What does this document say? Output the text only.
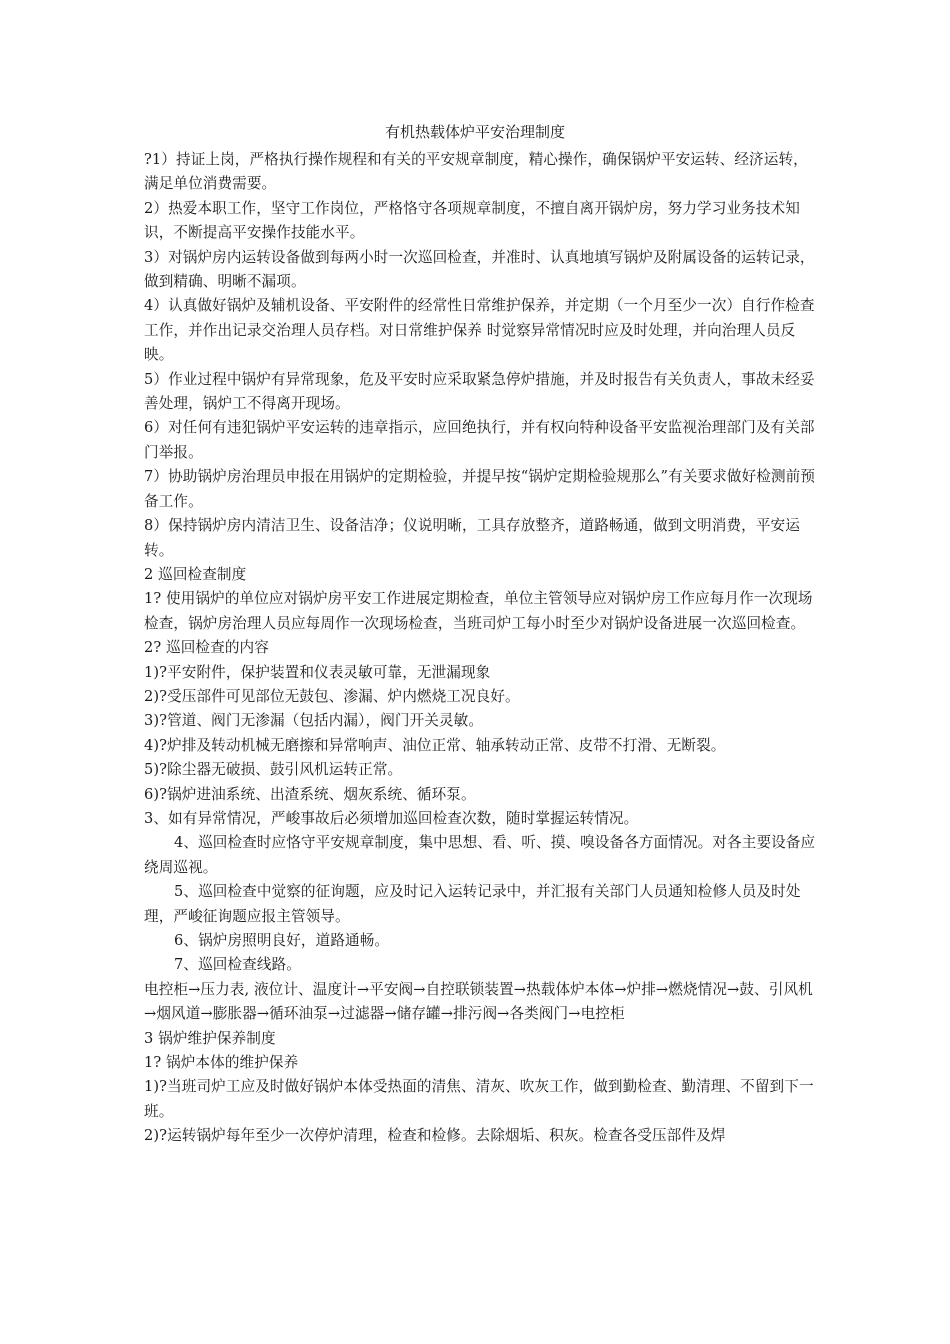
有机热载体炉平安治理制度

?1）持证上岗，严格执行操作规程和有关的平安规章制度，精心操作，确保锅炉平安运转、经济运转，满足单位消费需要。

2）热爱本职工作，坚守工作岗位，严格恪守各项规章制度，不擅自离开锅炉房，努力学习业务技术知识，不断提高平安操作技能水平。

3）对锅炉房内运转设备做到每两小时一次巡回检查，并准时、认真地填写锅炉及附属设备的运转记录，做到精确、明晰不漏项。

4）认真做好锅炉及辅机设备、平安附件的经常性日常维护保养，并定期（一个月至少一次）自行作检查工作，并作出记录交治理人员存档。对日常维护保养 时觉察异常情况时应及时处理，并向治理人员反映。

5）作业过程中锅炉有异常现象，危及平安时应采取紧急停炉措施，并及时报告有关负责人，事故未经妥善处理，锅炉工不得离开现场。

6）对任何有违犯锅炉平安运转的违章指示，应回绝执行，并有权向特种设备平安监视治理部门及有关部门举报。

7）协助锅炉房治理员申报在用锅炉的定期检验，并提早按“锅炉定期检验规那么”有关要求做好检测前预备工作。

8）保持锅炉房内清洁卫生、设备洁净；仪说明晰，工具存放整齐，道路畅通，做到文明消费，平安运转。

2 巡回检查制度

1? 使用锅炉的单位应对锅炉房平安工作进展定期检查，单位主管领导应对锅炉房工作应每月作一次现场检查，锅炉房治理人员应每周作一次现场检查，当班司炉工每小时至少对锅炉设备进展一次巡回检查。

2? 巡回检查的内容

1)?平安附件，保护装置和仪表灵敏可靠，无泄漏现象

2)?受压部件可见部位无鼓包、渗漏、炉内燃烧工况良好。

3)?管道、阀门无渗漏（包括内漏），阀门开关灵敏。

4)?炉排及转动机械无磨擦和异常响声、油位正常、轴承转动正常、皮带不打滑、无断裂。

5)?除尘器无破损、鼓引风机运转正常。

6)?锅炉进油系统、出渣系统、烟灰系统、循环泵。

3、如有异常情况，严峻事故后必须增加巡回检查次数，随时掌握运转情况。

4、巡回检查时应恪守平安规章制度，集中思想、看、听、摸、嗅设备各方面情况。对各主要设备应绕周巡视。

5、巡回检查中觉察的征询题，应及时记入运转记录中，并汇报有关部门人员通知检修人员及时处理，严峻征询题应报主管领导。

6、锅炉房照明良好，道路通畅。

7、巡回检查线路。

电控柜→压力表, 液位计、温度计→平安阀→自控联锁装置→热载体炉本体→炉排→燃烧情况→鼓、引风机→烟风道→膨胀器→循环油泵→过滤器→储存罐→排污阀→各类阀门→电控柜

3 锅炉维护保养制度

1? 锅炉本体的维护保养

1)?当班司炉工应及时做好锅炉本体受热面的清焦、清灰、吹灰工作，做到勤检查、勤清理、不留到下一班。

2)?运转锅炉每年至少一次停炉清理，检查和检修。去除烟垢、积灰。检查各受压部件及焊
